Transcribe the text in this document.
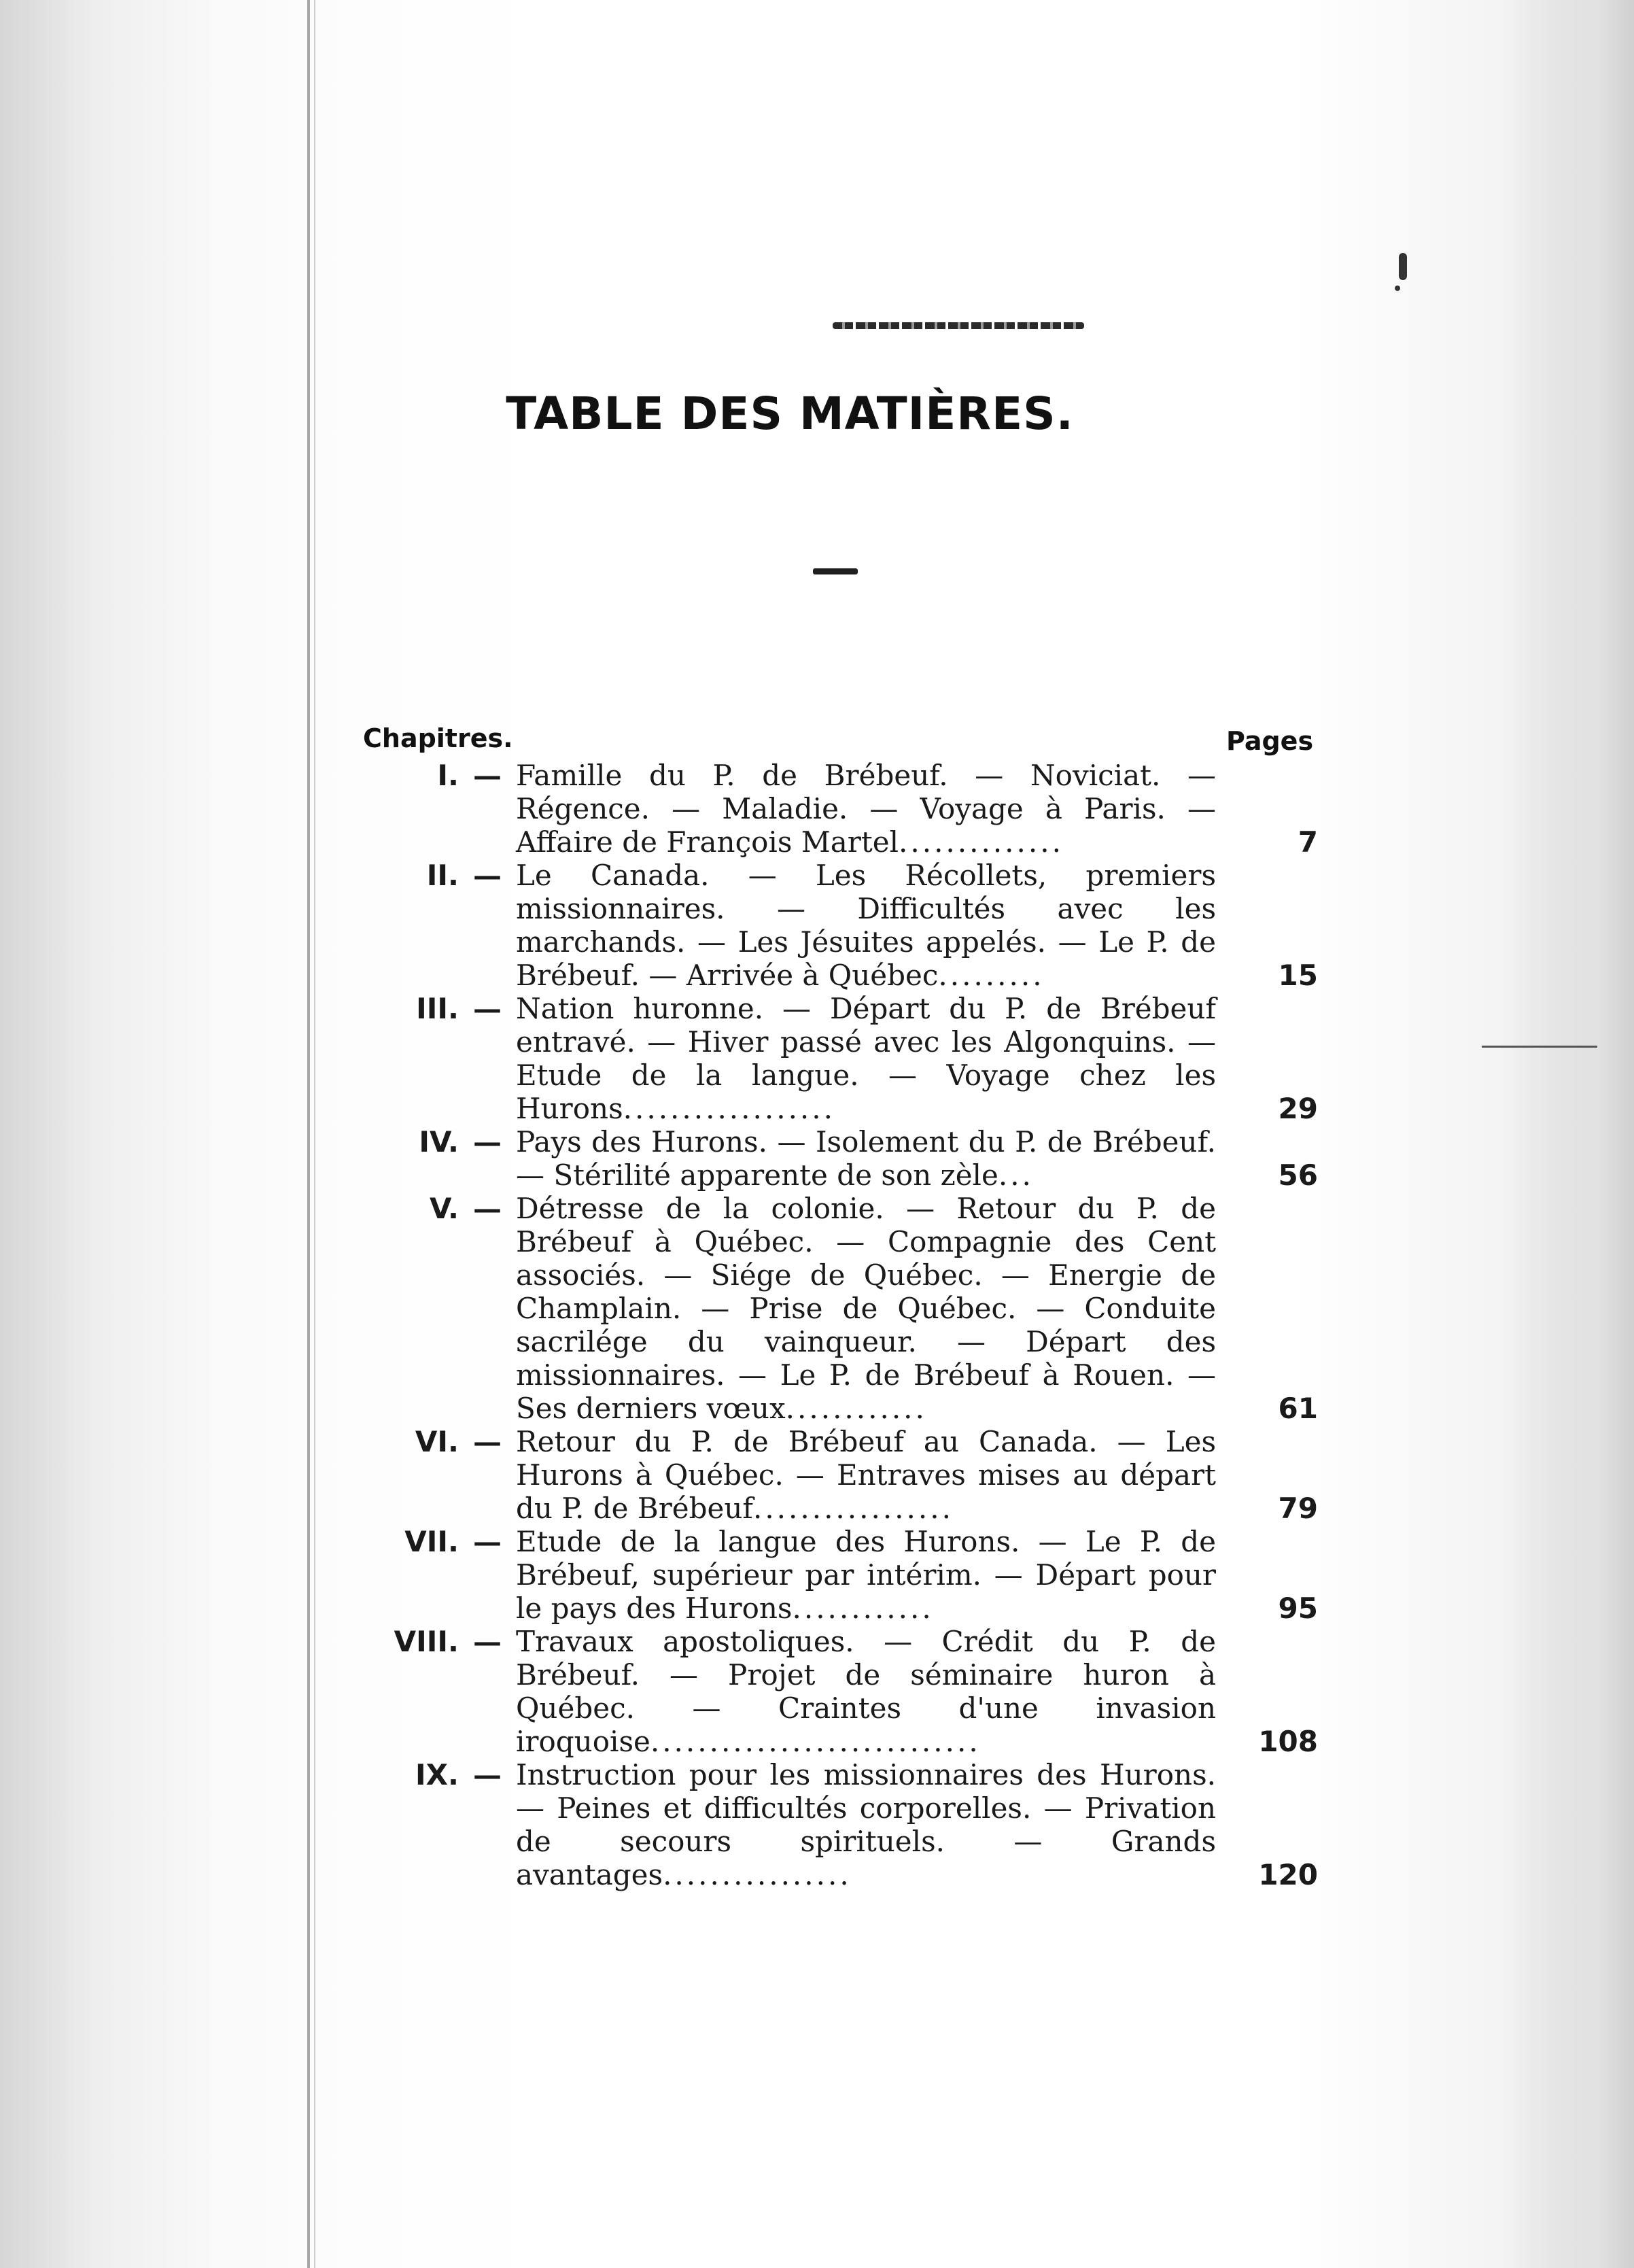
TABLE DES MATIÈRES.
Chapitres.	Pages
I. — Famille du P. de Brébeuf. — Noviciat. — Régence. — Maladie. — Voyage à Paris. — Affaire de François Martel..............	7
II. — Le Canada. — Les Récollets, premiers missionnaires. — Difficultés avec les marchands. — Les Jésuites appelés. — Le P. de Brébeuf. — Arrivée à Québec.........	15
III. — Nation huronne. — Départ du P. de Brébeuf entravé. — Hiver passé avec les Algonquins. — Etude de la langue. — Voyage chez les Hurons..................	29
IV. — Pays des Hurons. — Isolement du P. de Brébeuf. — Stérilité apparente de son zèle...	56
V. — Détresse de la colonie. — Retour du P. de Brébeuf à Québec. — Compagnie des Cent associés. — Siége de Québec. — Energie de Champlain. — Prise de Québec. — Conduite sacrilége du vainqueur. — Départ des missionnaires. — Le P. de Brébeuf à Rouen. — Ses derniers vœux............	61
VI. — Retour du P. de Brébeuf au Canada. — Les Hurons à Québec. — Entraves mises au départ du P. de Brébeuf.................	79
VII. — Etude de la langue des Hurons. — Le P. de Brébeuf, supérieur par intérim. — Départ pour le pays des Hurons............	95
VIII. — Travaux apostoliques. — Crédit du P. de Brébeuf. — Projet de séminaire huron à Québec. — Craintes d'une invasion iroquoise............................	108
IX. — Instruction pour les missionnaires des Hurons. — Peines et difficultés corporelles. — Privation de secours spirituels. — Grands avantages................	120
